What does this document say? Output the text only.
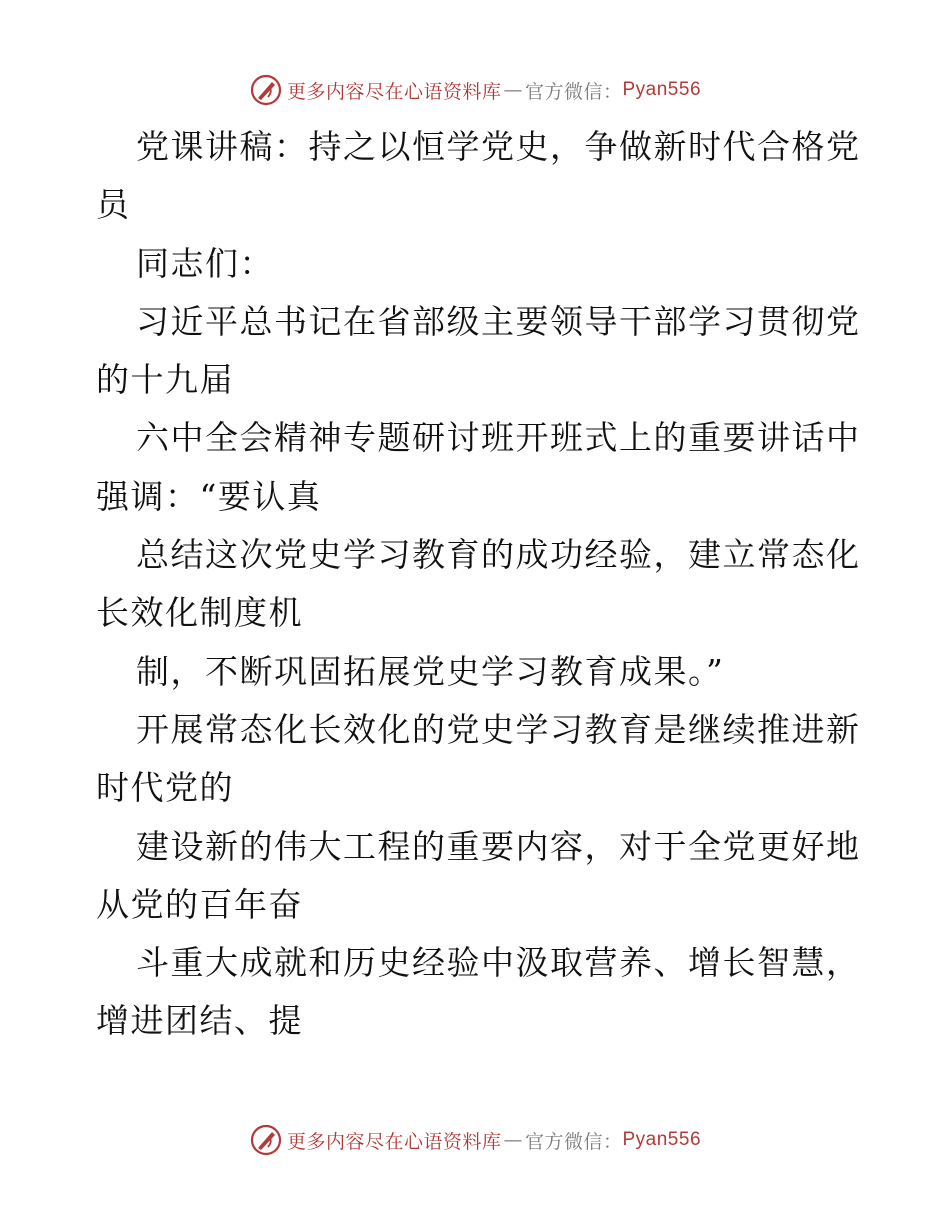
更多内容尽在心语资料库 — 官方微信： Pyan556
党课讲稿：持之以恒学党史，争做新时代合格党
员
同志们：
习近平总书记在省部级主要领导干部学习贯彻党
的十九届
六中全会精神专题研讨班开班式上的重要讲话中
强调：“要认真
总结这次党史学习教育的成功经验，建立常态化
长效化制度机
制，不断巩固拓展党史学习教育成果。”
开展常态化长效化的党史学习教育是继续推进新
时代党的
建设新的伟大工程的重要内容，对于全党更好地
从党的百年奋
斗重大成就和历史经验中汲取营养、增长智慧，
增进团结、提
更多内容尽在心语资料库 — 官方微信： Pyan556
